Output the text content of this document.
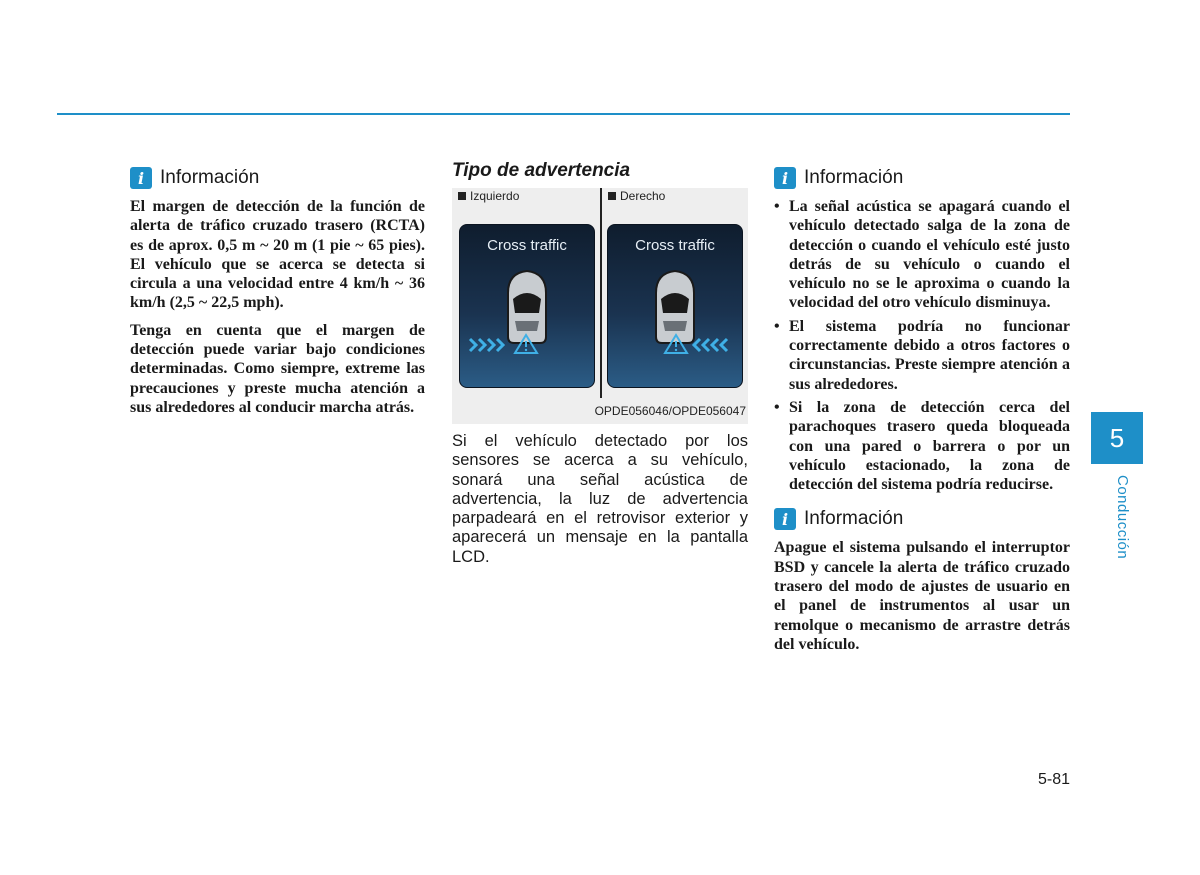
i Información

El margen de detección de la función de alerta de tráfico cruzado trasero (RCTA) es de aprox. 0,5 m ~ 20 m (1 pie ~ 65 pies). El vehículo que se acerca se detecta si circula a una velocidad entre 4 km/h ~ 36 km/h (2,5 ~ 22,5 mph).

Tenga en cuenta que el margen de detección puede variar bajo condiciones determinadas. Como siempre, extreme las precauciones y preste mucha atención a sus alrededores al conducir marcha atrás.

Tipo de advertencia
Izquierdo	Derecho
Cross traffic	Cross traffic
OPDE056046/OPDE056047

Si el vehículo detectado por los sensores se acerca a su vehículo, sonará una señal acústica de advertencia, la luz de advertencia parpadeará en el retrovisor exterior y aparecerá un mensaje en la pantalla LCD.

i Información
• La señal acústica se apagará cuando el vehículo detectado salga de la zona de detección o cuando el vehículo esté justo detrás de su vehículo o cuando el vehículo no se le aproxima o cuando la velocidad del otro vehículo disminuya.
• El sistema podría no funcionar correctamente debido a otros factores o circunstancias. Preste siempre atención a sus alrededores.
• Si la zona de detección cerca del parachoques trasero queda bloqueada con una pared o barrera o por un vehículo estacionado, la zona de detección del sistema podría reducirse.
i Información

Apague el sistema pulsando el interruptor BSD y cancele la alerta de tráfico cruzado trasero del modo de ajustes de usuario en el panel de instrumentos al usar un remolque o mecanismo de arrastre detrás del vehículo.

5
Conducción
5-81
